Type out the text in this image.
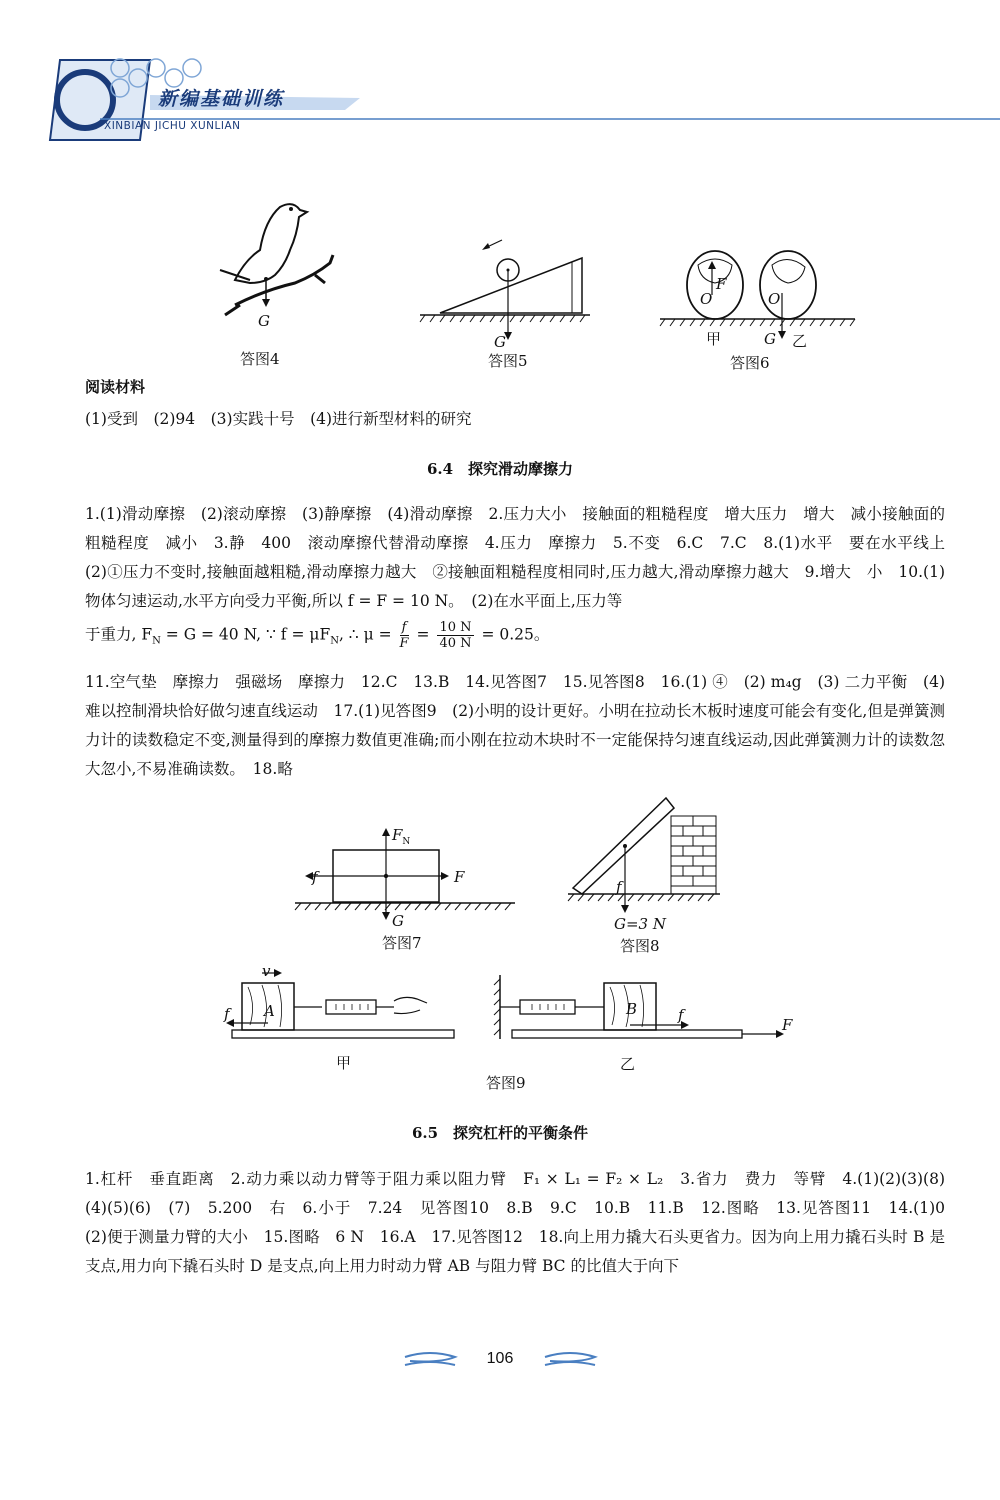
新编基础训练
XINBIAN JICHU XUNLIAN
G
答图4
G
答图5
O
F
O
甲	G 乙
答图6
阅读材料
(1)受到　(2)94　(3)实践十号　(4)进行新型材料的研究
6.4　探究滑动摩擦力
1.(1)滑动摩擦　(2)滚动摩擦　(3)静摩擦　(4)滑动摩擦　2.压力大小　接触面的粗糙程度　增大压力　增大　减小接触面的粗糙程度　减小　3.静　400　滚动摩擦代替滑动摩擦　4.压力　摩擦力　5.不变　6.C　7.C　8.(1)水平　要在水平线上　(2)①压力不变时,接触面越粗糙,滑动摩擦力越大　②接触面粗糙程度相同时,压力越大,滑动摩擦力越大　9.增大　小　10.(1)物体匀速运动,水平方向受力平衡,所以 f = F = 10 N。　(2)在水平面上,压力等
于重力, $F_N = G = 40$ N, ∵ $f = \mu F_N$, ∴ $\mu = \frac{f}{F} = \frac{10 N}{40 N} = 0.25$。
11.空气垫　摩擦力　强磁场　摩擦力　12.C　13.B　14.见答图7　15.见答图8　16.(1) ④　(2) m₄g　(3) 二力平衡　(4) 难以控制滑块恰好做匀速直线运动　17.(1)见答图9　(2)小明的设计更好。小明在拉动长木板时速度可能会有变化,但是弹簧测力计的读数稳定不变,测量得到的摩擦力数值更准确;而小刚在拉动木块时不一定能保持匀速直线运动,因此弹簧测力计的读数忽大忽小,不易准确读数。　18.略
$F_N$
f	F
G
答图7
f
G=3 N
答图8
v
f A
甲
B	f
F
乙
答图9
6.5　探究杠杆的平衡条件
1.杠杆　垂直距离　2.动力乘以动力臂等于阻力乘以阻力臂　F₁ × L₁ = F₂ × L₂　3.省力　费力　等臂　4.(1)(2)(3)(8)　(4)(5)(6)　(7)　5.200　右　6.小于　7.24　见答图10　8.B　9.C　10.B　11.B　12.图略　13.见答图11　14.(1)0　(2)便于测量力臂的大小　15.图略　6 N　16.A　17.见答图12　18.向上用力撬大石头更省力。因为向上用力撬石头时 B 是支点,用力向下撬石头时 D 是支点,向上用力时动力臂 AB 与阻力臂 BC 的比值大于向下
106
